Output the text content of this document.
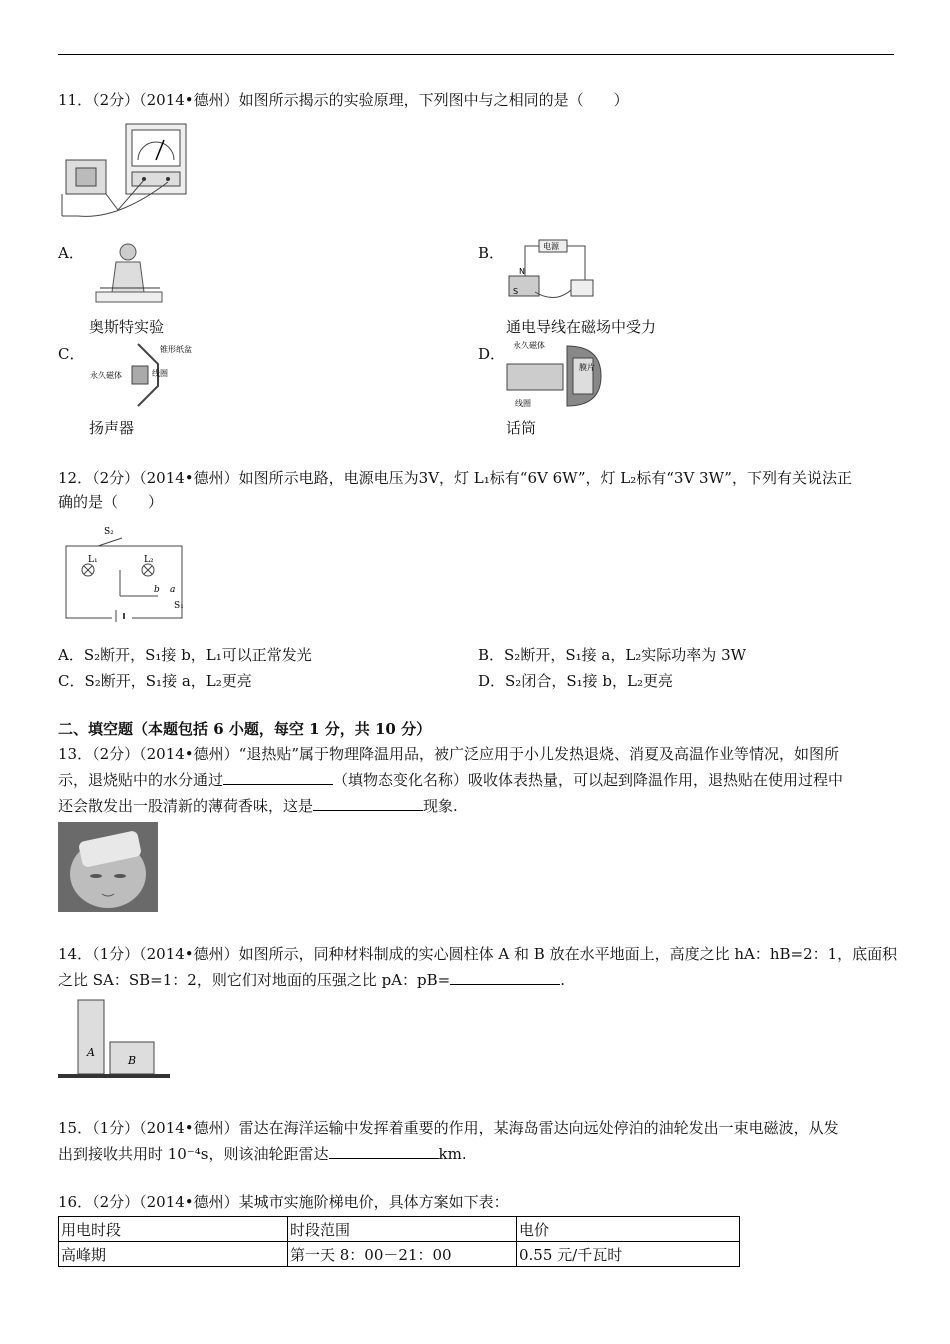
11．（2分）（2014•德州）如图所示揭示的实验原理，下列图中与之相同的是（　　）
A．
奥斯特实验
B．	电源
N
S
通电导线在磁场中受力
C．	锥形纸盆
永久磁体	线圈
扬声器
D． 永久磁体
膜片
线圈
话筒
12．（2分）（2014•德州）如图所示电路，电源电压为3V，灯 L₁标有“6V 6W”，灯 L₂标有“3V 3W”，下列有关说法正
确的是（　　）
S₂
L₁	L₂
b a
S₁
A．S₂断开，S₁接 b，L₁可以正常发光	B．S₂断开，S₁接 a，L₂实际功率为 3W
C．S₂断开，S₁接 a，L₂更亮	D．S₂闭合，S₁接 b，L₂更亮
二、填空题（本题包括 6 小题，每空 1 分，共 10 分）
13．（2分）（2014•德州）“退热贴”属于物理降温用品，被广泛应用于小儿发热退烧、消夏及高温作业等情况，如图所
示，退烧贴中的水分通过	（填物态变化名称）吸收体表热量，可以起到降温作用，退热贴在使用过程中
还会散发出一股清新的薄荷香味，这是	现象.
14．（1分）（2014•德州）如图所示，同种材料制成的实心圆柱体 A 和 B 放在水平地面上，高度之比 hA：hB=2：1，底面积
之比 SA：SB=1：2，则它们对地面的压强之比 pA：pB=	.
A
B
15．（1分）（2014•德州）雷达在海洋运输中发挥着重要的作用，某海岛雷达向远处停泊的油轮发出一束电磁波，从发
出到接收共用时 10⁻⁴s，则该油轮距雷达	km.
16．（2分）（2014•德州）某城市实施阶梯电价，具体方案如下表：
用电时段	时段范围	电价
高峰期	第一天 8：00－21：00	0.55 元/千瓦时
